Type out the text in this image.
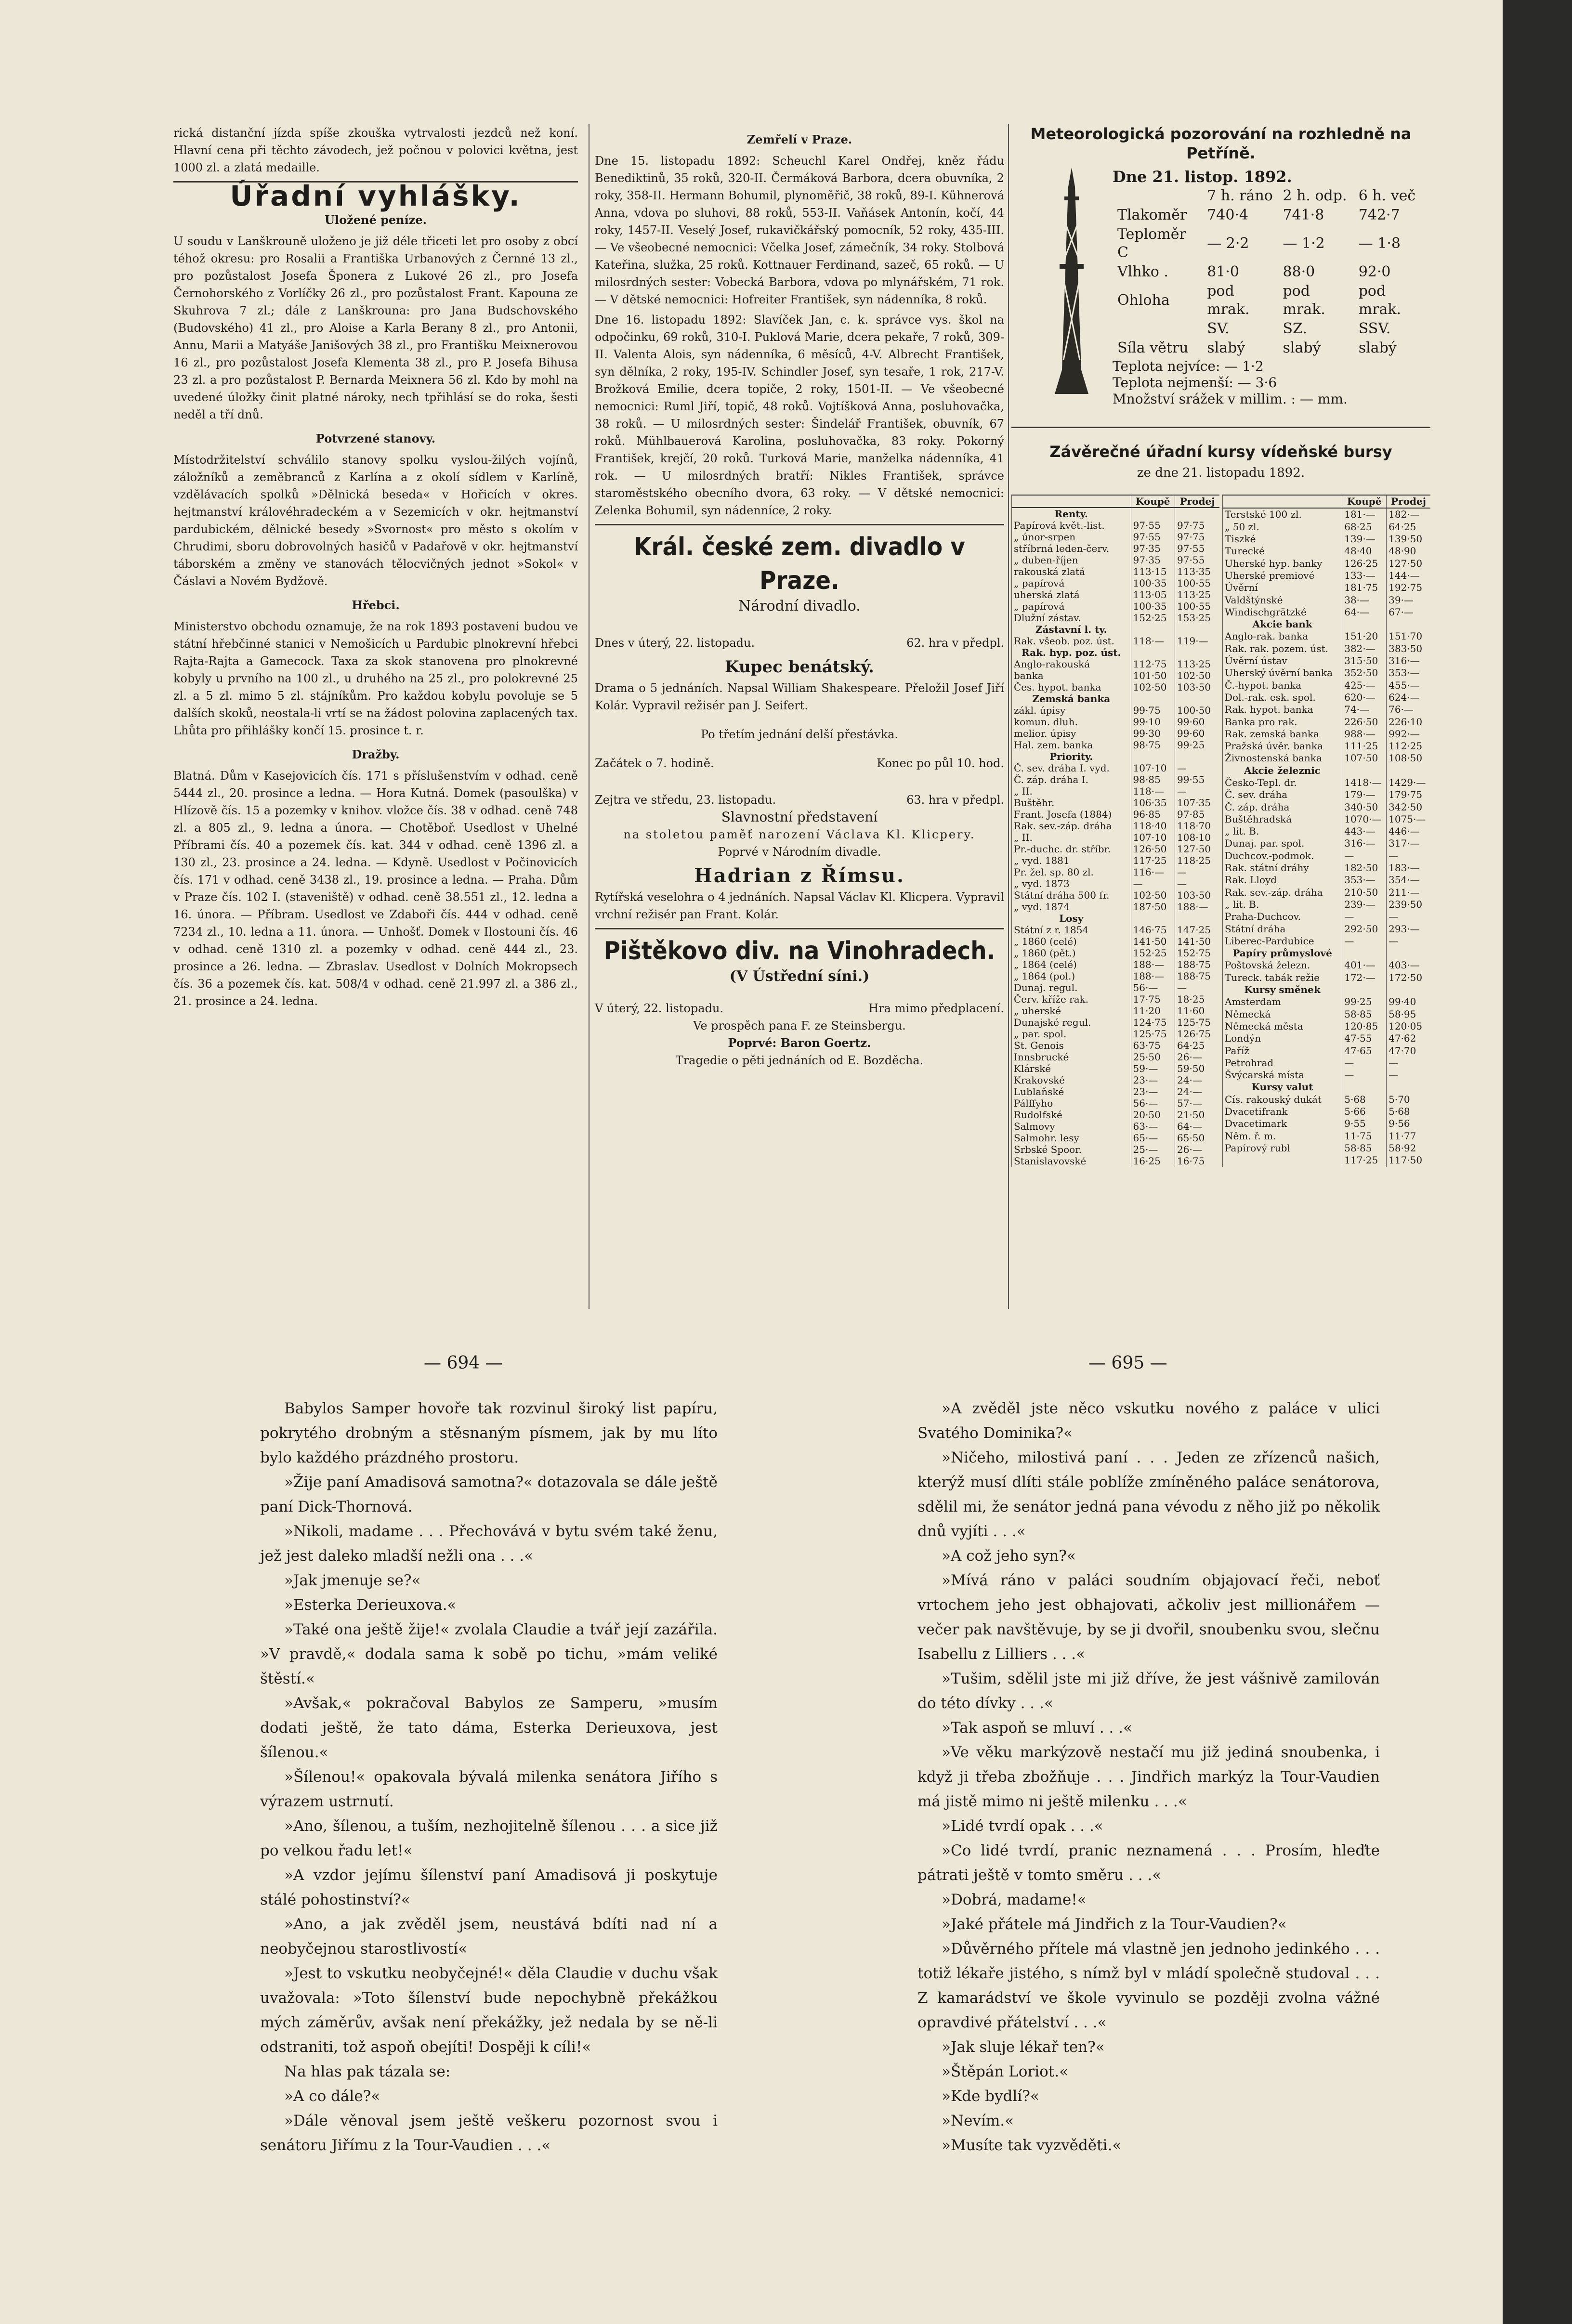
rická distanční jízda spíše zkouška vytrvalosti jezdců než koní. Hlavní cena při těchto závodech, jež počnou v polovici května, jest 1000 zl. a zlatá medaille.

Úřadní vyhlášky.
Uložené peníze.

U soudu v Lanškrouně uloženo je již déle třiceti let pro osoby z obcí téhož okresu: pro Rosalii a Františka Urbanových z Černné 13 zl., pro pozůstalost Josefa Šponera z Lukové 26 zl., pro Josefa Černohorského z Vorlíčky 26 zl., pro pozůstalost Frant. Kapouna ze Skuhrova 7 zl.; dále z Lanškrouna: pro Jana Budschovského (Budovského) 41 zl., pro Aloise a Karla Berany 8 zl., pro Antonii, Annu, Marii a Matyáše Janišových 38 zl., pro Františku Meixnerovou 16 zl., pro pozůstalost Josefa Klementa 38 zl., pro P. Josefa Bihusa 23 zl. a pro pozůstalost P. Bernarda Meixnera 56 zl. Kdo by mohl na uvedené úložky činit platné nároky, nech tpřihlásí se do roka, šesti neděl a tří dnů.

Potvrzené stanovy.

Místodržitelství schválilo stanovy spolku vyslou-žilých vojínů, záložníků a zeměbranců z Karlína a z okolí sídlem v Karlíně, vzdělávacích spolků »Dělnická beseda« v Hořicích v okres. hejtmanství královéhradeckém a v Sezemicích v okr. hejtmanství pardubickém, dělnické besedy »Svornost« pro město s okolím v Chrudimi, sboru dobrovolných hasičů v Padařově v okr. hejtmanství táborském a změny ve stanovách tělocvičných jednot »Sokol« v Čáslavi a Novém Bydžově.

Hřebci.

Ministerstvo obchodu oznamuje, že na rok 1893 postaveni budou ve státní hřebčinné stanici v Nemošicích u Pardubic plnokrevní hřebci Rajta-Rajta a Gamecock. Taxa za skok stanovena pro plnokrevné kobyly u prvního na 100 zl., u druhého na 25 zl., pro polokrevné 25 zl. a 5 zl. mimo 5 zl. stájníkům. Pro každou kobylu povoluje se 5 dalších skoků, neostala-li vrtí se na žádost polovina zaplacených tax. Lhůta pro přihlášky končí 15. prosince t. r.

Dražby.

Blatná. Dům v Kasejovicích čís. 171 s příslušenstvím v odhad. ceně 5444 zl., 20. prosince a ledna. — Hora Kutná. Domek (pasoulška) v Hlízově čís. 15 a pozemky v knihov. vložce čís. 38 v odhad. ceně 748 zl. a 805 zl., 9. ledna a února. — Chotěboř. Usedlost v Uhelné Příbrami čís. 40 a pozemek čís. kat. 344 v odhad. ceně 1396 zl. a 130 zl., 23. prosince a 24. ledna. — Kdyně. Usedlost v Počinovicích čís. 171 v odhad. ceně 3438 zl., 19. prosince a ledna. — Praha. Dům v Praze čís. 102 I. (staveniště) v odhad. ceně 38.551 zl., 12. ledna a 16. února. — Příbram. Usedlost ve Zdaboři čís. 444 v odhad. ceně 7234 zl., 10. ledna a 11. února. — Unhošť. Domek v Ilostouni čís. 46 v odhad. ceně 1310 zl. a pozemky v odhad. ceně 444 zl., 23. prosince a 26. ledna. — Zbraslav. Usedlost v Dolních Mokropsech čís. 36 a pozemek čís. kat. 508/4 v odhad. ceně 21.997 zl. a 386 zl., 21. prosince a 24. ledna.

Zemřelí v Praze.

Dne 15. listopadu 1892: Scheuchl Karel Ondřej, kněz řádu Benediktinů, 35 roků, 320-II. Čermáková Barbora, dcera obuvníka, 2 roky, 358-II. Hermann Bohumil, plynoměřič, 38 roků, 89-I. Kühnerová Anna, vdova po sluhovi, 88 roků, 553-II. Vaňásek Antonín, kočí, 44 roky, 1457-II. Veselý Josef, rukavičkářský pomocník, 52 roky, 435-III. — Ve všeobecné nemocnici: Včelka Josef, zámečník, 34 roky. Stolbová Kateřina, služka, 25 roků. Kottnauer Ferdinand, sazeč, 65 roků. — U milosrdných sester: Vobecká Barbora, vdova po mlynářském, 71 rok. — V dětské nemocnici: Hofreiter František, syn nádenníka, 8 roků.

Dne 16. listopadu 1892: Slavíček Jan, c. k. správce vys. škol na odpočinku, 69 roků, 310-I. Puklová Marie, dcera pekaře, 7 roků, 309-II. Valenta Alois, syn nádenníka, 6 měsíců, 4-V. Albrecht František, syn dělníka, 2 roky, 195-IV. Schindler Josef, syn tesaře, 1 rok, 217-V. Brožková Emilie, dcera topiče, 2 roky, 1501-II. — Ve všeobecné nemocnici: Ruml Jiří, topič, 48 roků. Vojtíšková Anna, posluhovačka, 38 roků. — U milosrdných sester: Šindelář František, obuvník, 67 roků. Mühlbauerová Karolina, posluhovačka, 83 roky. Pokorný František, krejčí, 20 roků. Turková Marie, manželka nádenníka, 41 rok. — U milosrdných bratří: Nikles František, správce staroměstského obecního dvora, 63 roky. — V dětské nemocnici: Zelenka Bohumil, syn nádenníce, 2 roky.

Král. české zem. divadlo v Praze.
Národní divadlo.
Dnes v úterý, 22. listopadu.	62. hra v předpl.
Kupec benátský.

Drama o 5 jednáních. Napsal William Shakespeare. Přeložil Josef Jiří Kolár. Vypravil režisér pan J. Seifert.

Po třetím jednání delší přestávka.

Začátek o 7. hodině.	Konec po půl 10. hod.
Zejtra ve středu, 23. listopadu.	63. hra v předpl.
Slavnostní představení
na stoletou paměť narození Václava Kl. Klicpery.
Poprvé v Národním divadle.
Hadrian z Římsu.

Rytířská veselohra o 4 jednáních. Napsal Václav Kl. Klicpera. Vypravil vrchní režisér pan Frant. Kolár.

Pištěkovo div. na Vinohradech.
(V Ústřední síni.)
V úterý, 22. listopadu.	Hra mimo předplacení.
Ve prospěch pana F. ze Steinsbergu.
Poprvé: Baron Goertz.
Tragedie o pěti jednáních od E. Bozděcha.
Meteorologická pozorování na rozhledně na Petříně.
Dne 21. listop. 1892.
	7 h. ráno	2 h. odp.	6 h. več
Tlakoměr	740·4	741·8	742·7
Teploměr C	— 2·2	— 1·2	— 1·8
Vlhko .	81·0	88·0	92·0
Ohloha	pod mrak.	pod mrak.	pod mrak.
	SV.	SZ.	SSV.
Síla větru	slabý	slabý	slabý
Teplota nejvíce: — 1·2
Teplota nejmenší: — 3·6
Množství srážek v millim. : — mm.
Závěrečné úřadní kursy vídeňské bursy
ze dne 21. listopadu 1892.
	Koupě	Prodej
Renty.		
Papírová květ.-list.	97·55	97·75
„ únor-srpen	97·55	97·75
stříbrná leden-červ.	97·35	97·55
„ duben-říjen	97·35	97·55
rakouská zlatá	113·15	113·35
„ papírová	100·35	100·55
uherská zlatá	113·05	113·25
„ papírová	100·35	100·55
Dlužní zástav.	152·25	153·25
Zástavní l. ty.		
Rak. všeob. poz. úst.	118·—	119·—
Rak. hyp. poz. úst.		
Anglo-rakouská	112·75	113·25
banka	101·50	102·50
Čes. hypot. banka	102·50	103·50
Zemská banka		
zákl. úpisy	99·75	100·50
komun. dluh.	99·10	99·60
melior. úpisy	99·30	99·60
Hal. zem. banka	98·75	99·25
Priority.		
Č. sev. dráha I. vyd.	107·10	—
Č. záp. dráha I.	98·85	99·55
„ II.	118·—	—
Buštěhr.	106·35	107·35
Frant. Josefa (1884)	96·85	97·85
Rak. sev.-záp. dráha	118·40	118·70
„ II.	107·10	108·10
Pr.-duchc. dr. stříbr.	126·50	127·50
„ vyd. 1881	117·25	118·25
Pr. žel. sp. 80 zl.	116·—	—
„ vyd. 1873	—	—
Státní dráha 500 fr.	102·50	103·50
„ vyd. 1874	187·50	188·—
Losy		
Státní z r. 1854	146·75	147·25
„ 1860 (celé)	141·50	141·50
„ 1860 (pět.)	152·25	152·75
„ 1864 (celé)	188·—	188·75
„ 1864 (pol.)	188·—	188·75
Dunaj. regul.	56·—	—
Červ. kříže rak.	17·75	18·25
„ uherské	11·20	11·60
Dunajské regul.	124·75	125·75
„ par. spol.	125·75	126·75
St. Genois	63·75	64·25
Innsbrucké	25·50	26·—
Klárské	59·—	59·50
Krakovské	23·—	24·—
Lublaňské	23·—	24·—
Pálffyho	56·—	57·—
Rudolfské	20·50	21·50
Salmovy	63·—	64·—
Salmohr. lesy	65·—	65·50
Srbské Spoor.	25·—	26·—
Stanislavovské	16·25	16·75
	Koupě	Prodej
Terstské 100 zl.	181·—	182·—
„ 50 zl.	68·25	64·25
Tiszké	139·—	139·50
Turecké	48·40	48·90
Uherské hyp. banky	126·25	127·50
Uherské premiové	133·—	144·—
Úvěrní	181·75	192·75
Valdštýnské	38·—	39·—
Windischgrätzké	64·—	67·—
Akcie bank		
Anglo-rak. banka	151·20	151·70
Rak. rak. pozem. úst.	382·—	383·50
Úvěrní ústav	315·50	316·—
Uherský úvěrní banka	352·50	353·—
Č.-hypot. banka	425·—	455·—
Dol.-rak. esk. spol.	620·—	624·—
Rak. hypot. banka	74·—	76·—
Banka pro rak.	226·50	226·10
Rak. zemská banka	988·—	992·—
Pražská úvěr. banka	111·25	112·25
Živnostenská banka	107·50	108·50
Akcie železnic		
Česko-Tepl. dr.	1418·—	1429·—
Č. sev. dráha	179·—	179·75
Č. záp. dráha	340·50	342·50
Buštěhradská	1070·—	1075·—
„ lit. B.	443·—	446·—
Dunaj. par. spol.	316·—	317·—
Duchcov.-podmok.	—	—
Rak. státní dráhy	182·50	183·—
Rak. Lloyd	353·—	354·—
Rak. sev.-záp. dráha	210·50	211·—
„ lit. B.	239·—	239·50
Praha-Duchcov.	—	—
Státní dráha	292·50	293·—
Liberec-Pardubice	—	—
Papíry průmyslové		
Poštovská železn.	401·—	403·—
Tureck. tabák režie	172·—	172·50
Kursy směnek		
Amsterdam	99·25	99·40
Německá	58·85	58·95
Německá města	120·85	120·05
Londýn	47·55	47·62
Paříž	47·65	47·70
Petrohrad	—	—
Švýcarská místa	—	—
Kursy valut		
Cís. rakouský dukát	5·68	5·70
Dvacetifrank	5·66	5·68
Dvacetimark	9·55	9·56
Něm. ř. m.	11·75	11·77
Papírový rubl	58·85	58·92
	117·25	117·50
— 694 —	— 695 —

Babylos Samper hovoře tak rozvinul široký list papíru, pokrytého drobným a stěsnaným písmem, jak by mu líto bylo každého prázdného prostoru.

»Žije paní Amadisová samotna?« dotazovala se dále ještě paní Dick-Thornová.

»Nikoli, madame . . . Přechovává v bytu svém také ženu, jež jest daleko mladší nežli ona . . .«

»Jak jmenuje se?«

»Esterka Derieuxova.«

»Také ona ještě žije!« zvolala Claudie a tvář její zazářila. »V pravdě,« dodala sama k sobě po tichu, »mám veliké štěstí.«

»Avšak,« pokračoval Babylos ze Samperu, »musím dodati ještě, že tato dáma, Esterka Derieuxova, jest šílenou.«

»Šílenou!« opakovala bývalá milenka senátora Jiřího s výrazem ustrnutí.

»Ano, šílenou, a tuším, nezhojitelně šílenou . . . a sice již po velkou řadu let!«

»A vzdor jejímu šílenství paní Amadisová ji poskytuje stálé pohostinství?«

»Ano, a jak zvěděl jsem, neustává bdíti nad ní a neobyčejnou starostlivostí«

»Jest to vskutku neobyčejné!« děla Claudie v duchu však uvažovala: »Toto šílenství bude nepochybně překážkou mých záměrův, avšak není překážky, jež nedala by se ně-li odstraniti, tož aspoň obejíti! Dospěji k cíli!«

Na hlas pak tázala se:

»A co dále?«

»Dále věnoval jsem ještě veškeru pozornost svou i senátoru Jiřímu z la Tour-Vaudien . . .«

»A zvěděl jste něco vskutku nového z paláce v ulici Svatého Dominika?«

»Ničeho, milostivá paní . . . Jeden ze zřízenců našich, kterýž musí dlíti stále poblíže zmíněného paláce senátorova, sdělil mi, že senátor jedná pana vévodu z něho již po několik dnů vyjíti . . .«

»A což jeho syn?«

»Mívá ráno v paláci soudním objajovací řeči, neboť vrtochem jeho jest obhajovati, ačkoliv jest millionářem — večer pak navštěvuje, by se ji dvořil, snoubenku svou, slečnu Isabellu z Lilliers . . .«

»Tušim, sdělil jste mi již dříve, že jest vášnivě zamilován do této dívky . . .«

»Tak aspoň se mluví . . .«

»Ve věku markýzově nestačí mu již jediná snoubenka, i když ji třeba zbožňuje . . . Jindřich markýz la Tour-Vaudien má jistě mimo ni ještě milenku . . .«

»Lidé tvrdí opak . . .«

»Co lidé tvrdí, pranic neznamená . . . Prosím, hleďte pátrati ještě v tomto směru . . .«

»Dobrá, madame!«

»Jaké přátele má Jindřich z la Tour-Vaudien?«

»Důvěrného přítele má vlastně jen jednoho jedinkého . . . totiž lékaře jistého, s nímž byl v mládí společně studoval . . . Z kamarádství ve škole vyvinulo se později zvolna vážné opravdivé přátelství . . .«

»Jak sluje lékař ten?«

»Štěpán Loriot.«

»Kde bydlí?«

»Nevím.«

»Musíte tak vyzvěděti.«
